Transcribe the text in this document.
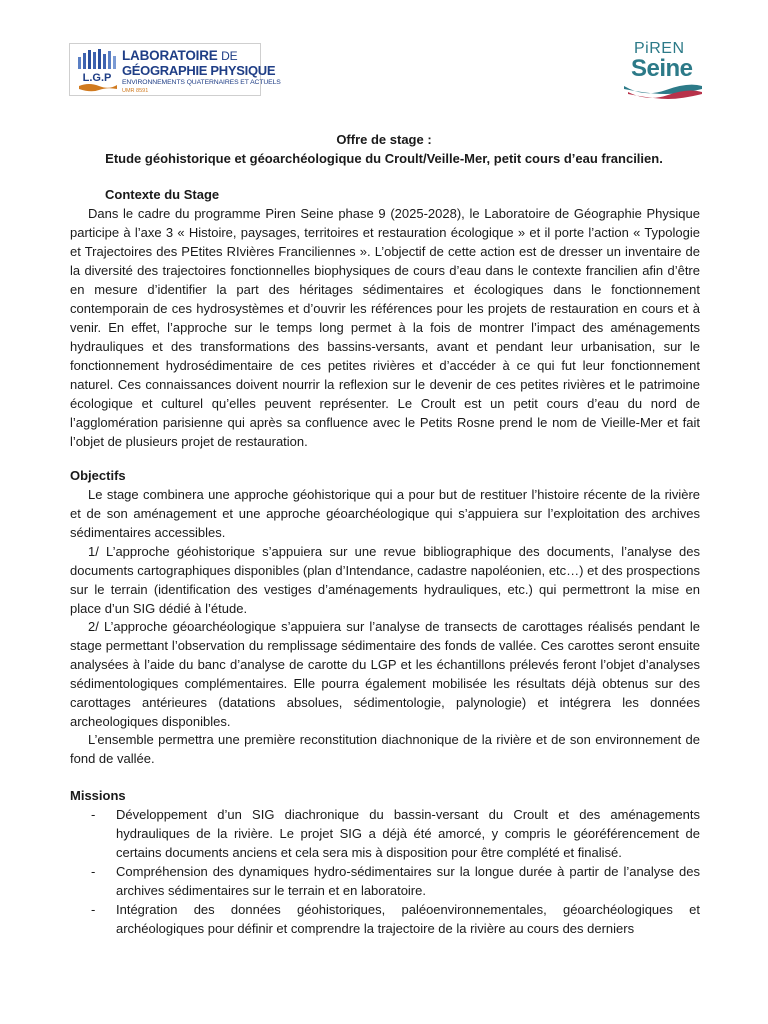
L.G.P
LABORATOIRE DE
GÉOGRAPHIE PHYSIQUE
ENVIRONNEMENTS QUATERNAIRES ET ACTUELS
UMR 8591
PiREN
Seine
Offre de stage :
Etude géohistorique et géoarchéologique du Croult/Veille-Mer, petit cours d’eau francilien.
Contexte du Stage

Dans le cadre du programme Piren Seine phase 9 (2025-2028), le Laboratoire de Géographie Physique participe à l’axe 3 « Histoire, paysages, territoires et restauration écologique » et il porte l’action « Typologie et Trajectoires des PEtites RIvières Franciliennes ». L’objectif de cette action est de dresser un inventaire de la diversité des trajectoires fonctionnelles biophysiques de cours d’eau dans le contexte francilien afin d’être en mesure d’identifier la part des héritages sédimentaires et écologiques dans le fonctionnement contemporain de ces hydrosystèmes et d’ouvrir les références pour les projets de restauration en cours et à venir. En effet, l’approche sur le temps long permet à la fois de montrer l’impact des aménagements hydrauliques et des transformations des bassins-versants, avant et pendant leur urbanisation, sur le fonctionnement hydrosédimentaire de ces petites rivières et d’accéder à ce qui fut leur fonctionnement naturel. Ces connaissances doivent nourrir la reflexion sur le devenir de ces petites rivières et le patrimoine écologique et culturel qu’elles peuvent représenter. Le Croult est un petit cours d’eau du nord de l’agglomération parisienne qui après sa confluence avec le Petits Rosne prend le nom de Vieille-Mer et fait l’objet de plusieurs projet de restauration.

Objectifs

Le stage combinera une approche géohistorique qui a pour but de restituer l’histoire récente de la rivière et de son aménagement et une approche géoarchéologique qui s’appuiera sur l’exploitation des archives sédimentaires accessibles.

1/ L’approche géohistorique s’appuiera sur une revue bibliographique des documents, l’analyse des documents cartographiques disponibles (plan d’Intendance, cadastre napoléonien, etc…) et des prospections sur le terrain (identification des vestiges d’aménagements hydrauliques, etc.) qui permettront la mise en place d’un SIG dédié à l’étude.

2/ L’approche géoarchéologique s’appuiera sur l’analyse de transects de carottages réalisés pendant le stage permettant l’observation du remplissage sédimentaire des fonds de vallée. Ces carottes seront ensuite analysées à l’aide du banc d’analyse de carotte du LGP et les échantillons prélevés feront l’objet d’analyses sédimentologiques complémentaires. Elle pourra également mobilisée les résultats déjà obtenus sur des carottages antérieures (datations absolues, sédimentologie, palynologie) et intégrera les données archeologiques disponibles.

L’ensemble permettra une première reconstitution diachnonique de la rivière et de son environnement de fond de vallée.

Missions
- Développement d’un SIG diachronique du bassin-versant du Croult et des aménagements hydrauliques de la rivière. Le projet SIG a déjà été amorcé, y compris le géoréférencement de certains documents anciens et cela sera mis à disposition pour être complété et finalisé.
- Compréhension des dynamiques hydro-sédimentaires sur la longue durée à partir de l’analyse des archives sédimentaires sur le terrain et en laboratoire.
- Intégration des données géohistoriques, paléoenvironnementales, géoarchéologiques et archéologiques pour définir et comprendre la trajectoire de la rivière au cours des derniers
